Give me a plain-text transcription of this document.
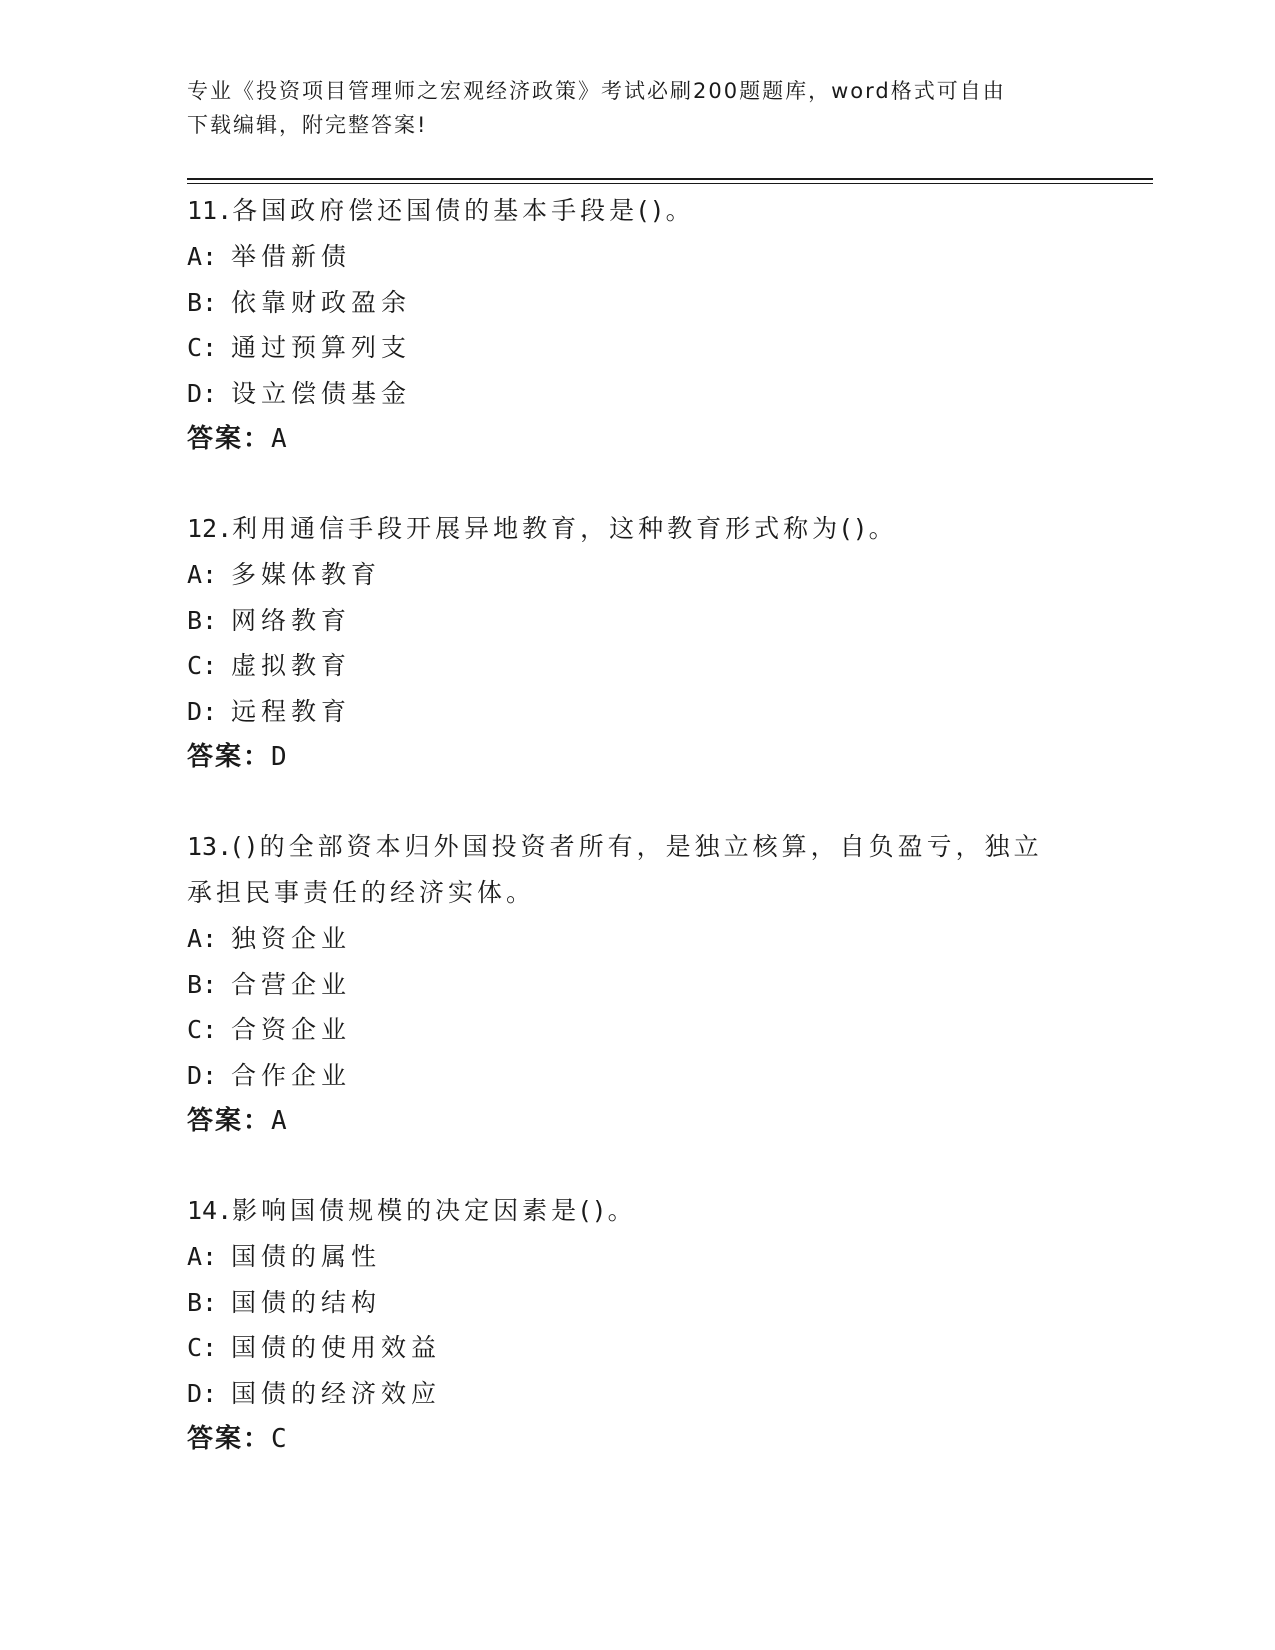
专业《投资项目管理师之宏观经济政策》考试必刷200题题库，word格式可自由
下载编辑，附完整答案!
11.各国政府偿还国债的基本手段是()。
A: 举借新债
B: 依靠财政盈余
C: 通过预算列支
D: 设立偿债基金
答案：A
12.利用通信手段开展异地教育，这种教育形式称为()。
A: 多媒体教育
B: 网络教育
C: 虚拟教育
D: 远程教育
答案：D
13.()的全部资本归外国投资者所有，是独立核算，自负盈亏，独立承担民事责任的经济实体。
A: 独资企业
B: 合营企业
C: 合资企业
D: 合作企业
答案：A
14.影响国债规模的决定因素是()。
A: 国债的属性
B: 国债的结构
C: 国债的使用效益
D: 国债的经济效应
答案：C
